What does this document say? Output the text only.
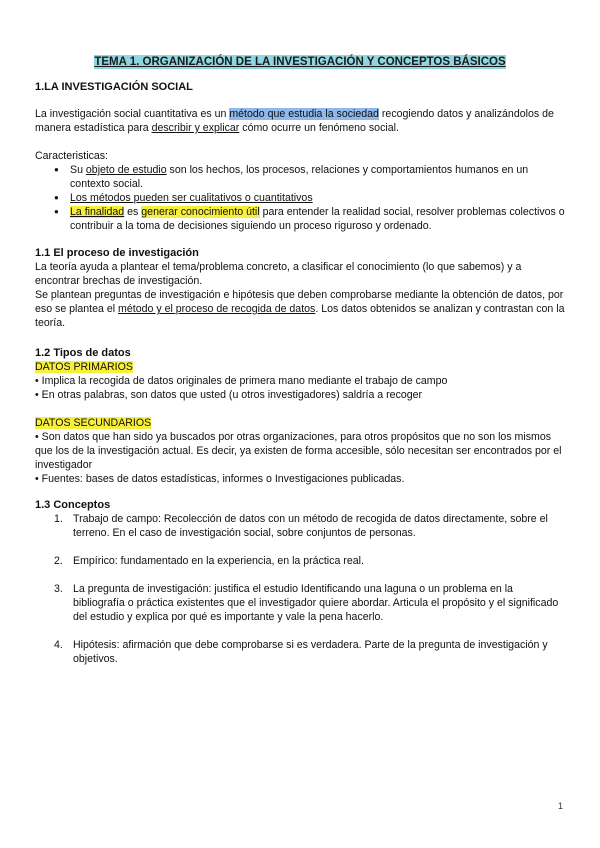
TEMA 1. ORGANIZACIÓN DE LA INVESTIGACIÓN Y CONCEPTOS BÁSICOS
1.LA INVESTIGACIÓN SOCIAL
La investigación social cuantitativa es un método que estudia la sociedad recogiendo datos y analizándolos de manera estadística para describir y explicar cómo ocurre un fenómeno social.
Caracteristicas:
● Su objeto de estudio son los hechos, los procesos, relaciones y comportamientos humanos en un contexto social.
● Los métodos pueden ser cualitativos o cuantitativos
● La finalidad es generar conocimiento útil para entender la realidad social, resolver problemas colectivos o contribuir a la toma de decisiones siguiendo un proceso riguroso y ordenado.
1.1 El proceso de investigación
La teoría ayuda a plantear el tema/problema concreto, a clasificar el conocimiento (lo que sabemos) y a encontrar brechas de investigación.
Se plantean preguntas de investigación e hipótesis que deben comprobarse mediante la obtención de datos, por eso se plantea el método y el proceso de recogida de datos. Los datos obtenidos se analizan y contrastan con la teoría.
1.2 Tipos de datos
DATOS PRIMARIOS
• Implica la recogida de datos originales de primera mano mediante el trabajo de campo
• En otras palabras, son datos que usted (u otros investigadores) saldría a recoger
DATOS SECUNDARIOS
• Son datos que han sido ya buscados por otras organizaciones, para otros propósitos que no son los mismos que los de la investigación actual. Es decir, ya existen de forma accesible, sólo necesitan ser encontrados por el investigador
• Fuentes: bases de datos estadísticas, informes o Investigaciones publicadas.
1.3 Conceptos
1. Trabajo de campo: Recolección de datos con un método de recogida de datos directamente, sobre el terreno. En el caso de investigación social, sobre conjuntos de personas.
2. Empírico: fundamentado en la experiencia, en la práctica real.
3. La pregunta de investigación: justifica el estudio Identificando una laguna o un problema en la bibliografía o práctica existentes que el investigador quiere abordar. Articula el propósito y el significado del estudio y explica por qué es importante y vale la pena hacerlo.
4. Hipótesis: afirmación que debe comprobarse si es verdadera. Parte de la pregunta de investigación y objetivos.
1
